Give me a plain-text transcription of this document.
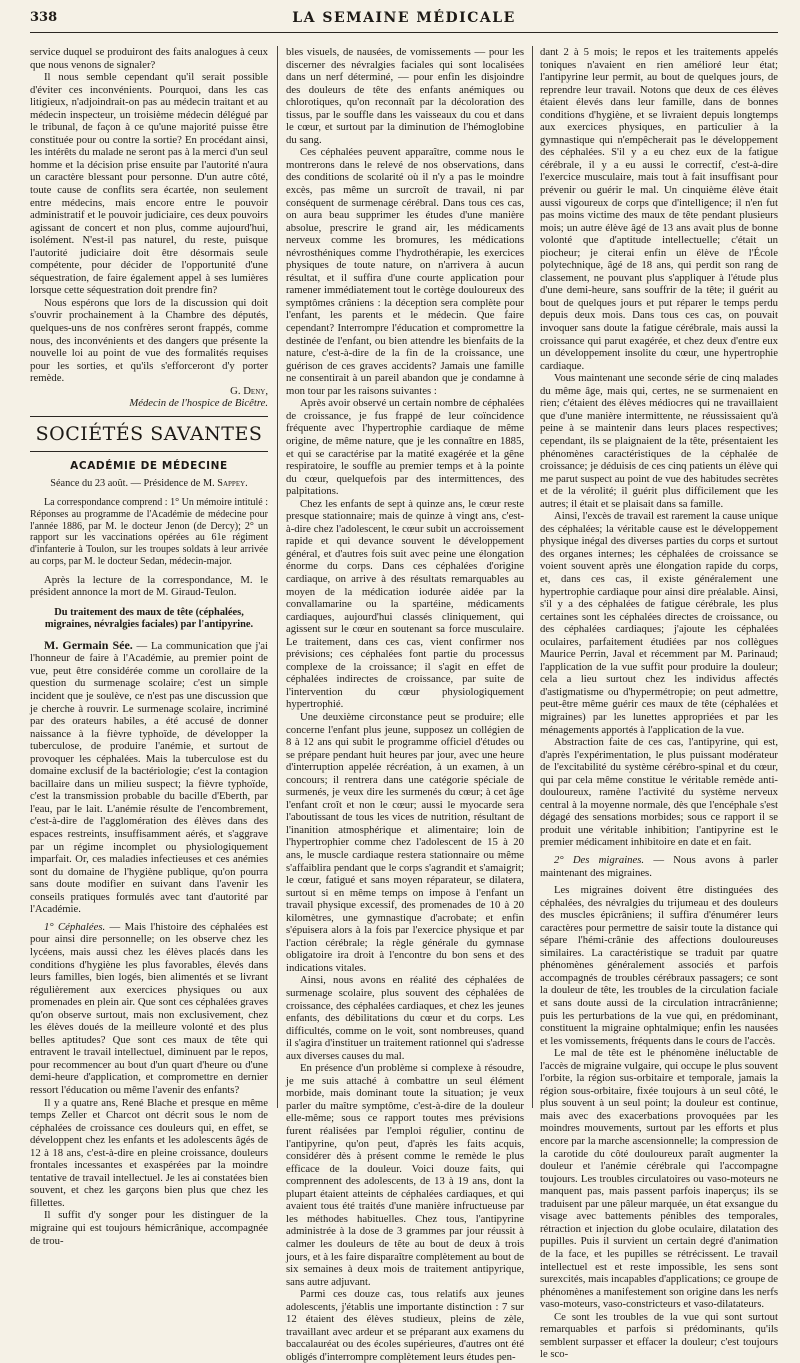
338	LA SEMAINE MÉDICALE

service duquel se produiront des faits analogues à ceux que nous venons de signaler?

Il nous semble cependant qu'il serait possible d'éviter ces inconvénients. Pourquoi, dans les cas litigieux, n'adjoindrait-on pas au médecin traitant et au médecin inspecteur, un troisième médecin délégué par le tribunal, de façon à ce qu'une majorité puisse être constituée pour ou contre la sortie? En procédant ainsi, les intérêts du malade ne seront pas à la merci d'un seul homme et la décision prise ensuite par l'autorité n'aura un caractère blessant pour personne. D'un autre côté, toute cause de conflits sera écartée, non seulement entre médecins, mais encore entre le pouvoir administratif et le pouvoir judiciaire, ces deux pouvoirs agissant de concert et non plus, comme aujourd'hui, isolément. N'est-il pas naturel, du reste, puisque l'autorité judiciaire doit être désormais seule compétente, pour décider de l'opportunité d'une séquestration, de faire également appel à ses lumières lorsque cette séquestration doit prendre fin?

Nous espérons que lors de la discussion qui doit s'ouvrir prochainement à la Chambre des députés, quelques-uns de nos confrères seront frappés, comme nous, des inconvénients et des dangers que présente la nouvelle loi au point de vue des formalités requises pour les sorties, et qu'ils s'efforceront d'y porter remède.

G. Deny,

Médecin de l'hospice de Bicêtre.

SOCIÉTÉS SAVANTES
ACADÉMIE DE MÉDECINE
Séance du 23 août. — Présidence de M. Sappey.

La correspondance comprend : 1° Un mémoire intitulé : Réponses au programme de l'Académie de médecine pour l'année 1886, par M. le docteur Jenon (de Dercy); 2° un rapport sur les vaccinations opérées au 61e régiment d'infanterie à Toulon, sur les troupes soldats à leur arrivée au corps, par M. le docteur Sedan, médecin-major.

Après la lecture de la correspondance, M. le président annonce la mort de M. Giraud-Teulon.

Du traitement des maux de tête (céphalées, migraines, névralgies faciales) par l'antipyrine.

M. Germain Sée. — La communication que j'ai l'honneur de faire à l'Académie, au premier point de vue, peut être considérée comme un corollaire de la question du surmenage scolaire; c'est un simple incident que je soulève, ce n'est pas une discussion que je cherche à rouvrir. Le surmenage scolaire, incriminé par des orateurs habiles, a été accusé de donner naissance à la fièvre typhoïde, de développer la tuberculose, de produire l'anémie, et surtout de provoquer les céphalées. Mais la tuberculose est du domaine exclusif de la bactériologie; c'est la contagion bacillaire dans un milieu suspect; la fièvre typhoïde, c'est la transmission probable du bacille d'Eberth, par l'eau, par le lait. L'anémie résulte de l'encombrement, c'est-à-dire de l'agglomération des élèves dans des espaces restreints, insuffisamment aérés, et s'aggrave par un régime incomplet ou physiologiquement imparfait. Or, ces maladies infectieuses et ces anémies sont du domaine de l'hygiène publique, qu'on pourra sans doute modifier en suivant dans l'avenir les conseils pratiques formulés avec tant d'autorité par l'Académie.

1° Céphalées. — Mais l'histoire des céphalées est pour ainsi dire personnelle; on les observe chez les lycéens, mais aussi chez les élèves placés dans les conditions d'hygiène les plus favorables, élevés dans leurs familles, bien logés, bien alimentés et se livrant régulièrement aux exercices physiques ou aux promenades en plein air. Que sont ces céphalées graves qu'on observe surtout, mais non exclusivement, chez les élèves doués de la meilleure volonté et des plus belles aptitudes? Que sont ces maux de tête qui entravent le travail intellectuel, diminuent par le repos, pour recommencer au bout d'un quart d'heure ou d'une demi-heure d'application, et compromettre en dernier ressort l'éducation ou même l'avenir des enfants?

Il y a quatre ans, René Blache et presque en même temps Zeller et Charcot ont décrit sous le nom de céphalées de croissance ces douleurs qui, en effet, se développent chez les enfants et les adolescents âgés de 12 à 18 ans, c'est-à-dire en pleine croissance, douleurs frontales incessantes et exaspérées par la moindre tentative de travail intellectuel. Je les ai constatées bien souvent, et chez les garçons bien plus que chez les fillettes.

Il suffit d'y songer pour les distinguer de la migraine qui est toujours hémicrânique, accompagnée de trou-

bles visuels, de nausées, de vomissements — pour les discerner des névralgies faciales qui sont localisées dans un nerf déterminé, — pour enfin les disjoindre des douleurs de tête des enfants anémiques ou chlorotiques, qu'on reconnaît par la décoloration des tissus, par le souffle dans les vaisseaux du cou et dans le cœur, et surtout par la diminution de l'hémoglobine du sang.

Ces céphalées peuvent apparaître, comme nous le montrerons dans le relevé de nos observations, dans des conditions de scolarité où il n'y a pas le moindre excès, pas même un surcroît de travail, ni par conséquent de surmenage cérébral. Dans tous ces cas, on aura beau supprimer les études d'une manière absolue, prescrire le grand air, les médicaments nerveux comme les bromures, les médications névrosthéniques comme l'hydrothérapie, les exercices physiques de toute nature, on n'arrivera à aucun résultat, et il suffira d'une courte application pour ramener immédiatement tout le cortège douloureux des symptômes crâniens : la déception sera complète pour l'enfant, les parents et le médecin. Que faire cependant? Interrompre l'éducation et compromettre la destinée de l'enfant, ou bien attendre les bienfaits de la nature, c'est-à-dire de la fin de la croissance, une guérison de ces graves accidents? Jamais une famille ne consentirait à un pareil abandon que je condamne à mon tour par les raisons suivantes :

Après avoir observé un certain nombre de céphalées de croissance, je fus frappé de leur coïncidence fréquente avec l'hypertrophie cardiaque de même origine, de même nature, que je les connaître en 1885, et qui se caractérise par la matité exagérée et la gêne respiratoire, le souffle au premier temps et à la pointe du cœur, quelquefois par des intermittences, des palpitations.

Chez les enfants de sept à quinze ans, le cœur reste presque stationnaire; mais de quinze à vingt ans, c'est-à-dire chez l'adolescent, le cœur subit un accroissement rapide et qui devance souvent le développement général, et d'autres fois suit avec peine une élongation énorme du corps. Dans ces céphalées d'origine cardiaque, on arrive à des résultats remarquables au moyen de la médication iodurée aidée par la convallamarine ou la spartéine, médicaments cardiaques, aujourd'hui classés cliniquement, qui agissent sur le cœur en soutenant sa force musculaire. Le traitement, dans ces cas, vient confirmer nos prévisions; ces céphalées font partie du processus complexe de la croissance; il s'agit en effet de céphalées indirectes de croissance, par suite de l'intervention du cœur physiologiquement hypertrophié.

Une deuxième circonstance peut se produire; elle concerne l'enfant plus jeune, supposez un collégien de 8 à 12 ans qui subit le programme officiel d'études ou se prépare pendant huit heures par jour, avec une heure d'interruption appelée récréation, à un examen, à un concours; il rentrera dans une catégorie spéciale de surmenés, je veux dire les surmenés du cœur; à cet âge l'enfant croît et non le cœur; aussi le myocarde sera l'aboutissant de tous les vices de nutrition, résultant de l'inanition atmosphérique et alimentaire; loin de l'hypertrophier comme chez l'adolescent de 15 à 20 ans, le muscle cardiaque restera stationnaire ou même s'affaiblira pendant que le corps s'agrandit et s'amaigrit; le cœur, fatigué et sans moyen réparateur, se dilatera, surtout si en même temps on impose à l'enfant un travail physique excessif, des promenades de 10 à 20 kilomètres, une gymnastique d'acrobate; et enfin s'épuisera alors à la fois par l'exercice physique et par l'action cérébrale; la règle générale du gymnase obligatoire ira droit à l'encontre du bon sens et des indications vitales.

Ainsi, nous avons en réalité des céphalées de surmenage scolaire, plus souvent des céphalées de croissance, des céphalées cardiaques, et chez les jeunes enfants, des débilitations du cœur et du corps. Les difficultés, comme on le voit, sont nombreuses, quand il s'agira d'instituer un traitement rationnel qui s'adresse aux diverses causes du mal.

En présence d'un problème si complexe à résoudre, je me suis attaché à combattre un seul élément morbide, mais dominant toute la situation; je veux parler du maître symptôme, c'est-à-dire de la douleur elle-même; sous ce rapport toutes mes prévisions furent réalisées par l'emploi régulier, continu de l'antipyrine, qu'on peut, d'après les faits acquis, considérer dès à présent comme le remède le plus efficace de la douleur. Voici douze faits, qui comprennent des adolescents, de 13 à 19 ans, dont la plupart étaient atteints de céphalées cardiaques, et qui avaient tous été traités d'une manière infructueuse par les méthodes habituelles. Chez tous, l'antipyrine administrée à la dose de 3 grammes par jour réussit à calmer les douleurs de tête au bout de deux à trois jours, et à les faire disparaître complètement au bout de six semaines à deux mois de traitement antipyrique, sans autre adjuvant.

Parmi ces douze cas, tous relatifs aux jeunes adolescents, j'établis une importante distinction : 7 sur 12 étaient des élèves studieux, pleins de zèle, travaillant avec ardeur et se préparant aux examens du baccalauréat ou des écoles supérieures, d'autres ont été obligés d'interrompre complètement leurs études pen-

dant 2 à 5 mois; le repos et les traitements appelés toniques n'avaient en rien amélioré leur état; l'antipyrine leur permit, au bout de quelques jours, de reprendre leur travail. Notons que deux de ces élèves étaient élevés dans leur famille, dans de bonnes conditions d'hygiène, et se livraient depuis longtemps aux exercices physiques, en particulier à la gymnastique qui n'empêcherait pas le développement des céphalées. S'il y a eu chez eux de la fatigue cérébrale, il y a eu aussi le correctif, c'est-à-dire l'exercice musculaire, mais tout à fait insuffisant pour prévenir ou guérir le mal. Un cinquième élève était aussi vigoureux de corps que d'intelligence; il n'en fut pas moins victime des maux de tête pendant plusieurs mois; un autre élève âgé de 13 ans avait plus de bonne volonté que d'aptitude intellectuelle; c'était un piocheur; je citerai enfin un élève de l'École polytechnique, âgé de 18 ans, qui perdit son rang de classement, ne pouvant plus s'appliquer à l'étude plus d'une demi-heure, sans souffrir de la tête; il guérit au bout de quelques jours et put réparer le temps perdu depuis deux mois. Dans tous ces cas, on pouvait invoquer sans doute la fatigue cérébrale, mais aussi la croissance qui parut exagérée, et chez deux d'entre eux un développement insolite du cœur, une hypertrophie cardiaque.

Vous maintenant une seconde série de cinq malades du même âge, mais qui, certes, ne se surmenaient en rien; c'étaient des élèves médiocres qui ne travaillaient que d'une manière intermittente, ne réussissaient qu'à peine à se maintenir dans leurs places respectives; cependant, ils se plaignaient de la tête, présentaient les phénomènes caractéristiques de la céphalée de croissance; je déduisis de ces cinq patients un élève qui me parut suspect au point de vue des habitudes secrètes et de la vérolité; il guérit plus difficilement que les autres; il était et se plaisait dans sa famille.

Ainsi, l'excès de travail est rarement la cause unique des céphalées; la véritable cause est le développement physique inégal des diverses parties du corps et surtout des organes internes; les céphalées de croissance se voient souvent après une élongation rapide du corps, et, dans ces cas, il existe généralement une hypertrophie cardiaque pour ainsi dire préalable. Ainsi, s'il y a des céphalées de fatigue cérébrale, les plus certaines sont les céphalées directes de croissance, ou des céphalées cardiaques; j'ajoute les céphalées oculaires, parfaitement étudiées par nos collègues Maurice Perrin, Javal et récemment par M. Parinaud; l'application de la vue suffit pour produire la douleur; cela a lieu surtout chez les individus affectés d'astigmatisme ou d'hypermétropie; on peut admettre, peut-être même guérir ces maux de tête (céphalées et migraines) par les lunettes appropriées et par les ménagements apportés à l'application de la vue.

Abstraction faite de ces cas, l'antipyrine, qui est, d'après l'expérimentation, le plus puissant modérateur de l'excitabilité du système cérébro-spinal et du cœur, qui par cela même constitue le véritable remède anti-douloureux, ramène l'activité du système nerveux central à la moyenne normale, dès que l'encéphale s'est dégagé des sensations morbides; sous ce rapport il se produit une véritable inhibition; l'antipyrine est le premier médicament inhibitoire en date et en fait.

2° Des migraines. — Nous avons à parler maintenant des migraines.

Les migraines doivent être distinguées des céphalées, des névralgies du trijumeau et des douleurs des muscles épicrâniens; il suffira d'énumérer leurs caractères pour permettre de saisir toute la distance qui sépare l'hémi-crânie des affections douloureuses similaires. La caractéristique se traduit par quatre phénomènes généralement associés et parfois accompagnés de troubles cérébraux passagers; ce sont la douleur de tête, les troubles de la circulation faciale et sans doute aussi de la circulation intracrânienne; puis les perturbations de la vue qui, en prédominant, constituent la migraine ophtalmique; enfin les nausées et les vomissements, fréquents dans le cours de l'accès.

Le mal de tête est le phénomène inéluctable de l'accès de migraine vulgaire, qui occupe le plus souvent l'orbite, la région sus-orbitaire et temporale, jamais la région sous-orbitaire, fixée toujours à un seul côté, le plus souvent à un seul point; la douleur est continue, mais avec des exacerbations provoquées par les moindres mouvements, surtout par les efforts et plus encore par la marche ascensionnelle; la compression de la carotide du côté douloureux paraît augmenter la douleur et l'anémie cérébrale qui l'accompagne toujours. Les troubles circulatoires ou vaso-moteurs ne manquent pas, mais passent parfois inaperçus; ils se traduisent par une pâleur marquée, un état exsangue du visage avec battements pénibles des temporales, rétraction et injection du globe oculaire, dilatation des pupilles. Puis il survient un certain degré d'animation de la face, et les pupilles se rétrécissent. Le travail intellectuel est et reste impossible, les sens sont surexcités, mais incapables d'applications; ce groupe de phénomènes a manifestement son origine dans les nerfs vaso-moteurs, vaso-constricteurs et vaso-dilatateurs.

Ce sont les troubles de la vue qui sont surtout remarquables et parfois si prédominants, qu'ils semblent surpasser et effacer la douleur; c'est toujours le sco-
